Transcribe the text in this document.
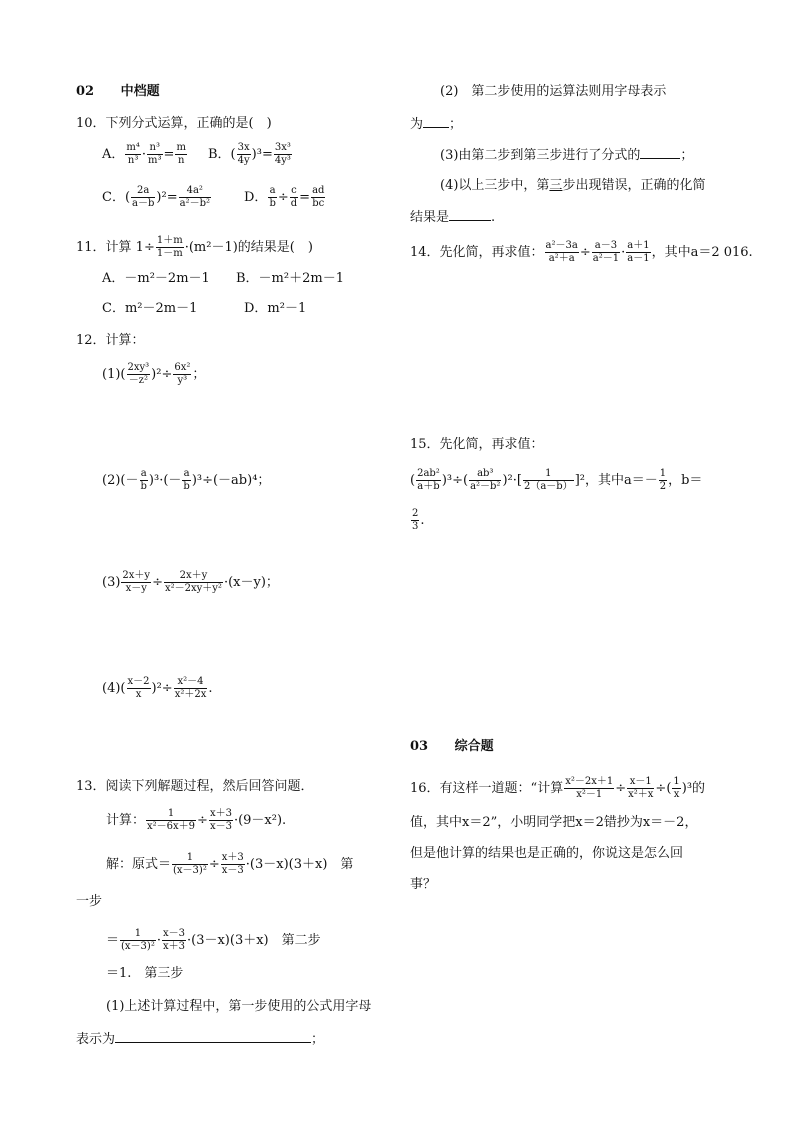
02 中档题
10．下列分式运算，正确的是(　)
A． $\frac{\text{m⁴}}{\text{n³}} \cdot \frac{\text{n³}}{\text{m³}} = \frac{m}{n}$ B．( $\frac{3x}{4y} )^3= \frac{\text{3x³}}{\text{4y³}}$
C．( $\frac{2a}{a-b} )^2= \frac{\text{4a²}}{\text{a²－b²}}$	D． $\frac{a}{b} \div \frac{c}{d} = \frac{ad}{bc}$
11．计算 $1\div \frac{1+m}{1-m} \cdot(m^2-1)$的结果是(　)
A．－m²－2m－1 B．－m²＋2m－1
C．m²－2m－1	D．m²－1
12．计算：
$(1)( \frac{\text{2xy³}}{\text{－z²}} )^2\div \frac{\text{6x²}}{\text{y³}}$ ；
$(2)(- \frac{a}{b} )^3\cdot(- \frac{a}{b} )^3\div(-ab)^4$；
$(3) \frac{2x+y}{x-y} \div \frac{2x+y}{\text{x²－2xy＋y²}} \cdot(x-y)$；
$(4)( \frac{x-2}{x} )^2\div \frac{\text{x²－4}}{\text{x²＋2x}}$ .
13．阅读下列解题过程，然后回答问题．
计算： $\frac{1}{\text{x²－6x＋9}} \div \frac{x+3}{x-3} \cdot(9-x^2)$.
解：原式＝ $\frac{1}{\text{(x－3)²}} \div \frac{x+3}{x-3} \cdot(3-x)(3+x)$　第
一步
＝ $\frac{1}{\text{(x－3)²}} \cdot \frac{x-3}{x+3} \cdot(3-x)(3+x)$　第二步
＝1.　第三步
(1)上述计算过程中，第一步使用的公式用字母
表示为	；
(2)　第二步使用的运算法则用字母表示
为 ；
(3)由第二步到第三步进行了分式的	；
(4)以上三步中，第三步出现错误，正确的化简
结果是	.
14．先化简，再求值： $\frac{\text{a²－3a}}{\text{a²＋a}} \div \frac{a-3}{\text{a²－1}} \cdot \frac{a+1}{a-1}$ ，其中a＝2 016.
15．先化简，再求值：
( $\frac{\text{2ab²}}{a+b} )^3\div( \frac{\text{ab³}}{\text{a²－b²}} )^2\cdot[ \frac{1}{2(a-b)} ]^2$，其中$a=- \frac{1}{2}$ ，b＝
$\frac{2}{3}$ .
03 综合题
16．有这样一道题：“计算 $\frac{\text{x²－2x＋1}}{\text{x²－1}} \div \frac{x-1}{\text{x²＋x}}$ ÷( $\frac{1}{x} )^3$的
值，其中x＝2”，小明同学把x＝2错抄为x＝－2，
但是他计算的结果也是正确的，你说这是怎么回
事？
